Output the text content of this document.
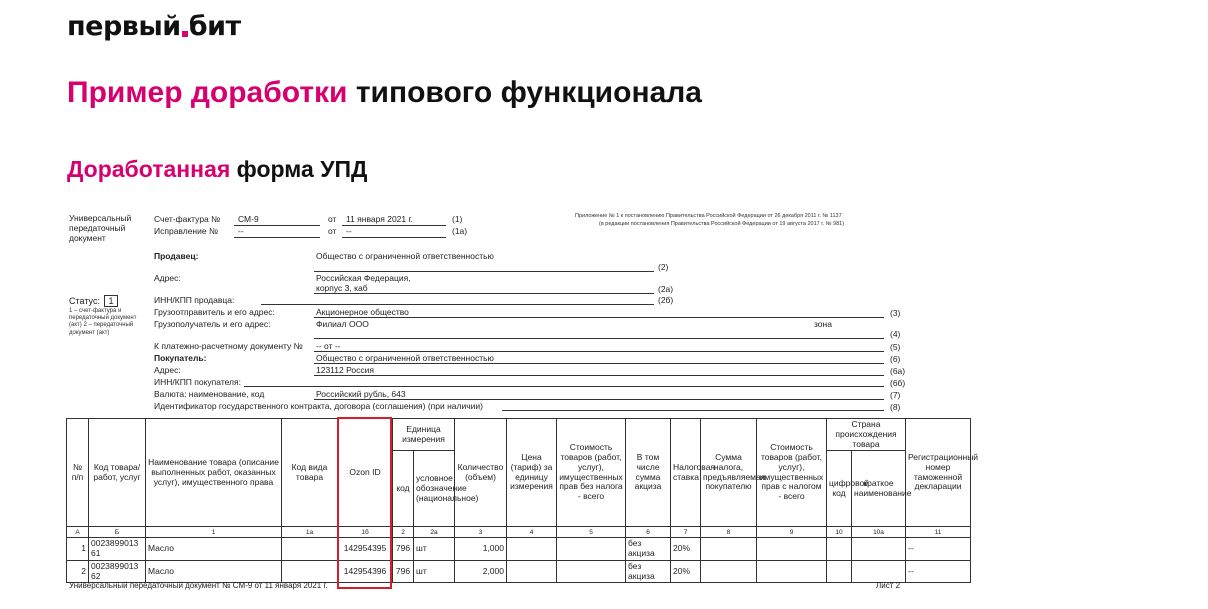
первый бит
Пример доработки типового функционала
Доработанная форма УПД
Универсальный передаточный документ
Статус: 1
1 – счет-фактура и передаточный документ (акт) 2 – передаточный документ (акт)
Счет-фактура № СМ-9	от 11 января 2021 г.	(1)
Исправление № --	от --	(1а)
Приложение № 1 к постановлению Правительства Российской Федерации от 26 декабря 2011 г. № 1137
(в редакции постановления Правительства Российской Федерации от 19 августа 2017 г. № 981)
Продавец:	Общество с ограниченной ответственностью
(2)
Адрес:	Российская Федерация,
корпус 3, каб	(2а)
ИНН/КПП продавца:	(2б)
Грузоотправитель и его адрес:	Акционерное общество	(3)
Грузополучатель и его адрес:	Филиал ООО	зона
(4)
К платежно-расчетному документу № -- от --	(5)
Покупатель:	Общество с ограниченной ответственностью	(6)
Адрес:	123112 Россия	(6а)
ИНН/КПП покупателя:	(6б)
Валюта: наименование, код	Российский рубль, 643	(7)
Идентификатор государственного контракта, договора (соглашения) (при наличии)	(8)
№ п/п	Код товара/ работ, услуг	Наименование товара (описание выполненных работ, оказанных услуг), имущественного права	Код вида товара	Ozon ID	Единица измерения		Количество (объем)	Цена (тариф) за единицу измерения	Стоимость товаров (работ, услуг), имущественных прав без налога - всего	В том числе сумма акциза	Налоговая ставка	Сумма налога, предъявляемая покупателю	Стоимость товаров (работ, услуг), имущественных прав с налогом - всего	Страна происхождения товара		Регистрационный номер таможенной декларации
					код	условное обозначение (национальное)								цифровой код	краткое наименование	
А	Б	1	1а	1б	2	2а	3	4	5	6	7	8	9	10	10а	11
1	0023899013 61	Масло		142954395	796	шт	1,000			без акциза	20%					--
2	0023899013 62	Масло		142954396	796	шт	2,000			без акциза	20%					--
Универсальный передаточный документ № СМ-9 от 11 января 2021 г.	Лист 2
